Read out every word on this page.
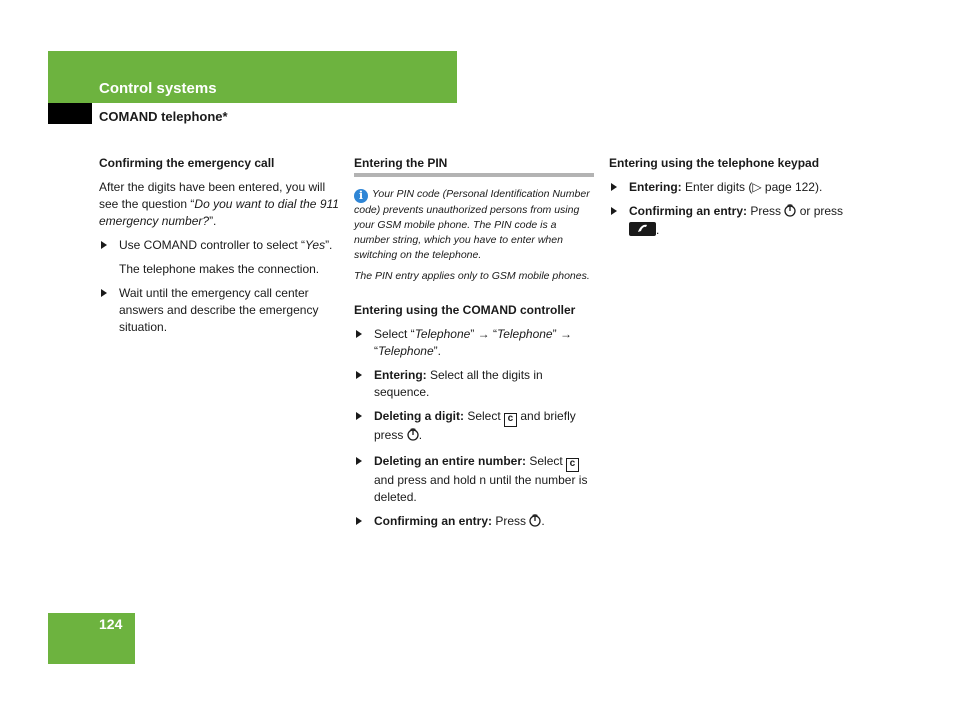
Control systems
COMAND telephone*
Confirming the emergency call

After the digits have been entered, you will see the question “Do you want to dial the 911 emergency number?”.

Use COMAND controller to select “Yes”.

The telephone makes the connection.

Wait until the emergency call center answers and describe the emergency situation.
Entering the PIN

i Your PIN code (Personal Identification Number code) prevents unauthorized persons from using your GSM mobile phone. The PIN code is a number string, which you have to enter when switching on the telephone.

The PIN entry applies only to GSM mobile phones.

Entering using the COMAND controller
Select “Telephone” → “Telephone” → “Telephone”.
Entering: Select all the digits in sequence.
Deleting a digit: Select c and briefly press .
Deleting an entire number: Select c and press and hold n until the number is deleted.
Confirming an entry: Press .
Entering using the telephone keypad
Entering: Enter digits (▷ page 122).
Confirming an entry: Press  or press
.
124
